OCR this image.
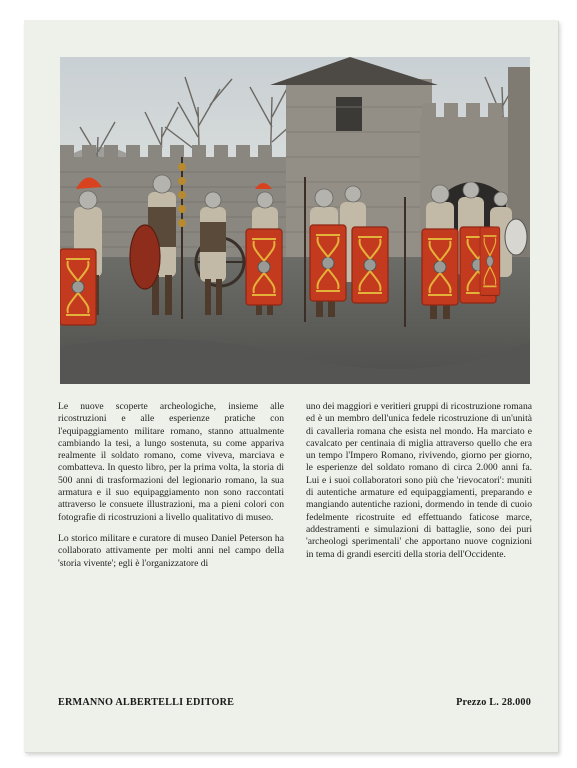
Le nuove scoperte archeologiche, insieme alle ricostruzioni e alle esperienze pratiche con l'equipaggiamento militare romano, stanno attualmente cambiando la tesi, a lungo sostenuta, su come appariva realmente il soldato romano, come viveva, marciava e combatteva. In questo libro, per la prima volta, la storia di 500 anni di trasformazioni del legionario romano, la sua armatura e il suo equipaggiamento non sono raccontati attraverso le consuete illustrazioni, ma a pieni colori con fotografie di ricostruzioni a livello qualitativo di museo.

Lo storico militare e curatore di museo Daniel Peterson ha collaborato attivamente per molti anni nel campo della 'storia vivente'; egli è l'organizzatore di

uno dei maggiori e veritieri gruppi di ricostruzione romana ed è un membro dell'unica fedele ricostruzione di un'unità di cavalleria romana che esista nel mondo. Ha marciato e cavalcato per centinaia di miglia attraverso quello che era un tempo l'Impero Romano, rivivendo, giorno per giorno, le esperienze del soldato romano di circa 2.000 anni fa. Lui e i suoi collaboratori sono più che 'rievocatori': muniti di autentiche armature ed equipaggiamenti, preparando e mangiando autentiche razioni, dormendo in tende di cuoio fedelmente ricostruite ed effettuando faticose marce, addestramenti e simulazioni di battaglie, sono dei puri 'archeologi sperimentali' che apportano nuove cognizioni in tema di grandi eserciti della storia dell'Occidente.

ERMANNO ALBERTELLI EDITORE	Prezzo L. 28.000
